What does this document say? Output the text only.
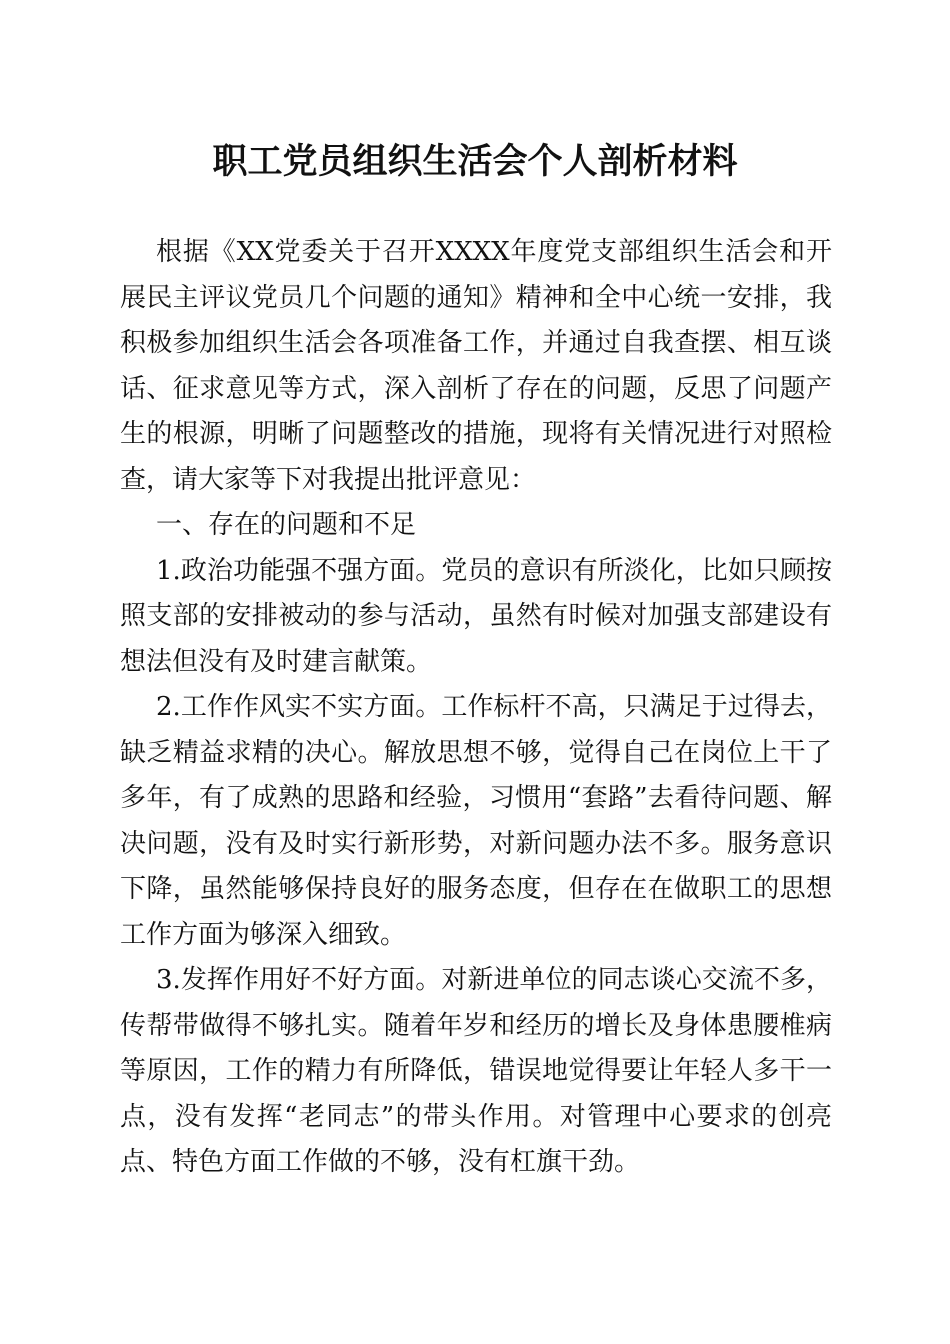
职工党员组织生活会个人剖析材料

根据《XX党委关于召开XXXX年度党支部组织生活会和开展民主评议党员几个问题的通知》精神和全中心统一安排，我积极参加组织生活会各项准备工作，并通过自我查摆、相互谈话、征求意见等方式，深入剖析了存在的问题，反思了问题产生的根源，明晰了问题整改的措施，现将有关情况进行对照检查，请大家等下对我提出批评意见：

一、存在的问题和不足

1.政治功能强不强方面。党员的意识有所淡化，比如只顾按照支部的安排被动的参与活动，虽然有时候对加强支部建设有想法但没有及时建言献策。

2.工作作风实不实方面。工作标杆不高，只满足于过得去，缺乏精益求精的决心。解放思想不够，觉得自己在岗位上干了多年，有了成熟的思路和经验，习惯用“套路”去看待问题、解决问题，没有及时实行新形势，对新问题办法不多。服务意识下降，虽然能够保持良好的服务态度，但存在在做职工的思想工作方面为够深入细致。

3.发挥作用好不好方面。对新进单位的同志谈心交流不多，传帮带做得不够扎实。随着年岁和经历的增长及身体患腰椎病等原因，工作的精力有所降低，错误地觉得要让年轻人多干一点，没有发挥“老同志”的带头作用。对管理中心要求的创亮点、特色方面工作做的不够，没有杠旗干劲。
